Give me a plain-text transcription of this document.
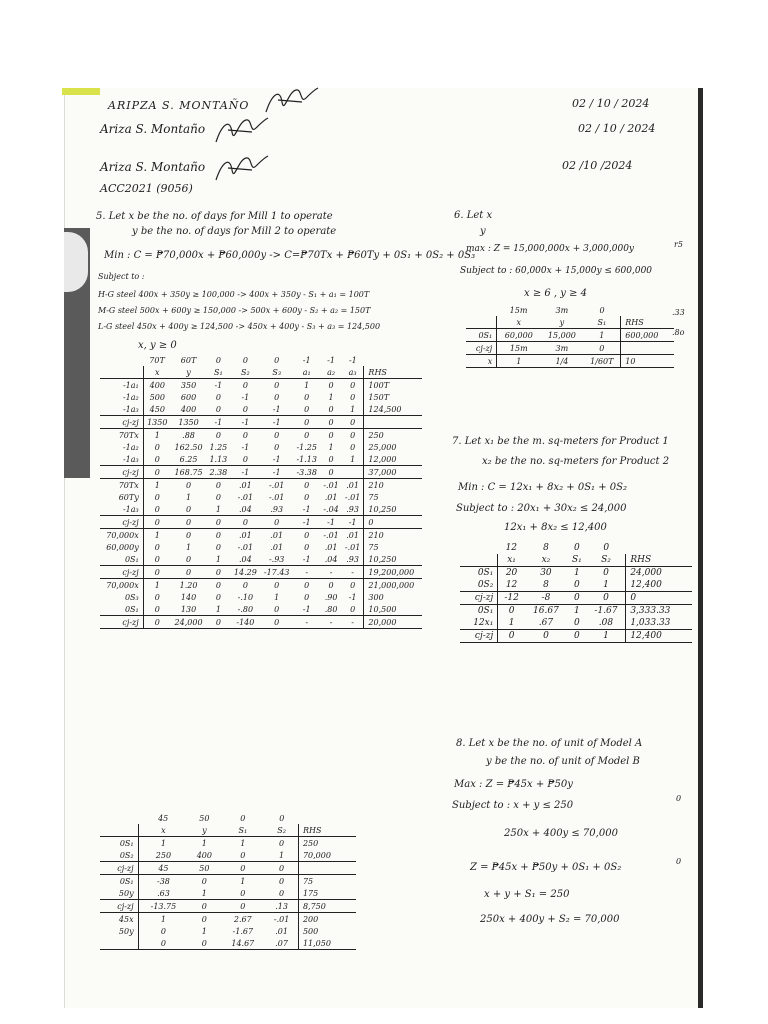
ARIPZA S. MONTAÑO
Ariza S. Montaño
Ariza S. Montaño
ACC2021 (9056)
02 / 10 / 2024
02 / 10 / 2024
02 /10 /2024
5. Let x be the no. of days for Mill 1 to operate
y be the no. of days for Mill 2 to operate
Min : C = ₱70,000x + ₱60,000y -> C=₱70Tx + ₱60Ty + 0S₁ + 0S₂ + 0S₃
Subject to :
H-G steel 400x + 350y ≥ 100,000 -> 400x + 350y - S₁ + a₁ = 100T
M-G steel 500x + 600y ≥ 150,000 -> 500x + 600y - S₂ + a₂ = 150T
L-G steel 450x + 400y ≥ 124,500 -> 450x + 400y - S₃ + a₃ = 124,500
x, y ≥ 0
	70T	60T	0	0	0	-1	-1	-1	
	x	y	S₁	S₂	S₃	a₁	a₂	a₃	RHS
-1a₁	400	350	-1	0	0	1	0	0	100T
-1a₂	500	600	0	-1	0	0	1	0	150T
-1a₃	450	400	0	0	-1	0	0	1	124,500
cj-zj	1350	1350	-1	-1	-1	0	0	0	
70Tx	1	.88	0	0	0	0	0	0	250
-1a₂	0	162.50	1.25	-1	0	-1.25	1	0	25,000
-1a₃	0	6.25	1.13	0	-1	-1.13	0	1	12,000
cj-zj	0	168.75	2.38	-1	-1	-3.38	0		37,000
70Tx	1	0	0	.01	-.01	0	-.01	.01	210
60Ty	0	1	0	-.01	-.01	0	.01	-.01	75
-1a₃	0	0	1	.04	.93	-1	-.04	.93	10,250
cj-zj	0	0	0	0	0	-1	-1	-1	0
70,000x	1	0	0	.01	.01	0	-.01	.01	210
60,000y	0	1	0	-.01	.01	0	.01	-.01	75
0S₁	0	0	1	.04	-.93	-1	.04	.93	10,250
cj-zj	0	0	0	14.29	-17.43	-	-	-	19,200,000
70,000x	1	1.20	0	0	0	0	0	0	21,000,000
0S₃	0	140	0	-.10	1	0	.90	-1	300
0S₁	0	130	1	-.80	0	-1	.80	0	10,500
cj-zj	0	24,000	0	-140	0	-	-	-	20,000
	45	50	0	0	
	x	y	S₁	S₂	RHS
0S₁	1	1	1	0	250
0S₂	250	400	0	1	70,000
cj-zj	45	50	0	0	
0S₁	-38	0	1	0	75
50y	.63	1	0	0	175
cj-zj	-13.75	0	0	.13	8,750
45x	1	0	2.67	-.01	200
50y	0	1	-1.67	.01	500
	0	0	14.67	.07	11,050
6. Let x
y
max : Z = 15,000,000x + 3,000,000y
Subject to : 60,000x + 15,000y ≤ 600,000
x ≥ 6 , y ≥ 4
	15m	3m	0	
	x	y	S₁	RHS
0S₁	60,000	15,000	1	600,000
cj-zj	15m	3m	0	
x	1	1/4	1/60T	10
7. Let x₁ be the m. sq-meters for Product 1
x₂ be the no. sq-meters for Product 2
Min : C = 12x₁ + 8x₂ + 0S₁ + 0S₂
Subject to : 20x₁ + 30x₂ ≤ 24,000
12x₁ + 8x₂ ≤ 12,400
	12	8	0	0	
	x₁	x₂	S₁	S₂	RHS
0S₁	20	30	1	0	24,000
0S₂	12	8	0	1	12,400
cj-zj	-12	-8	0	0	0
0S₁	0	16.67	1	-1.67	3,333.33
12x₁	1	.67	0	.08	1,033.33
cj-zj	0	0	0	1	12,400
8. Let x be the no. of unit of Model A
y be the no. of unit of Model B
Max : Z = ₱45x + ₱50y
Subject to : x + y ≤ 250
250x + 400y ≤ 70,000
Z = ₱45x + ₱50y + 0S₁ + 0S₂
x + y + S₁ = 250
250x + 400y + S₂ = 70,000
r5
.33
.8o
0
0
